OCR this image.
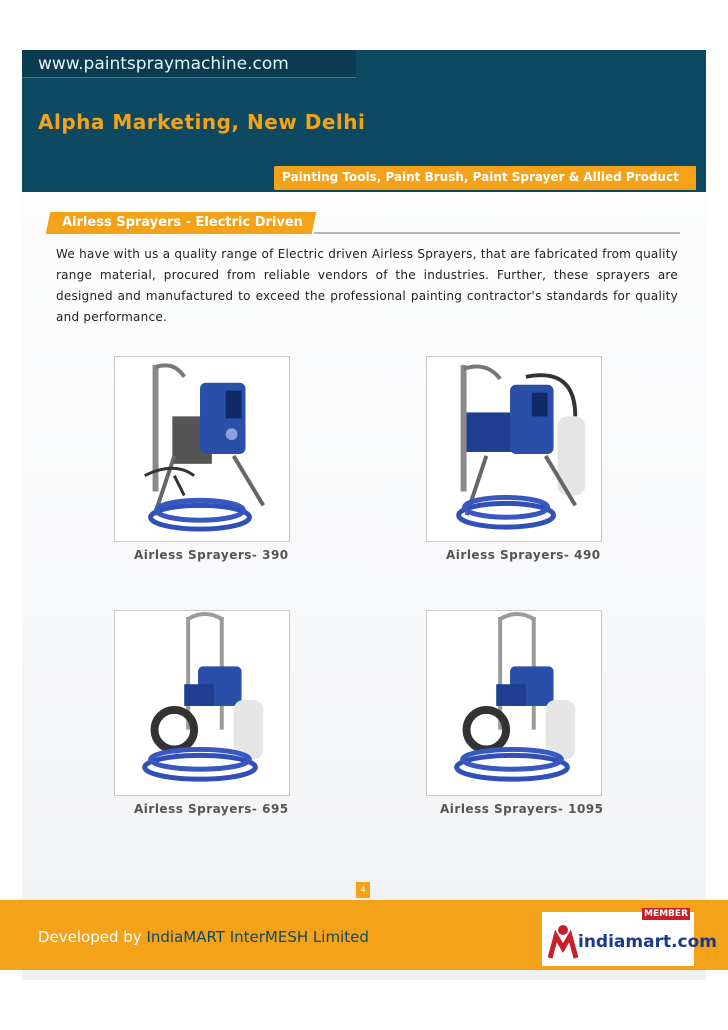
www.paintspraymachine.com
Alpha Marketing, New Delhi
Painting Tools, Paint Brush, Paint Sprayer & Allied Product
Airless Sprayers - Electric Driven
We have with us a quality range of Electric driven Airless Sprayers, that are fabricated from quality range material, procured from reliable vendors of the industries. Further, these sprayers are designed and manufactured to exceed the professional painting contractor's standards for quality and performance.
Airless Sprayers- 390	Airless Sprayers- 490
Airless Sprayers- 695	Airless Sprayers- 1095
4
Developed by IndiaMART InterMESH Limited
MEMBER
indiamart.com
